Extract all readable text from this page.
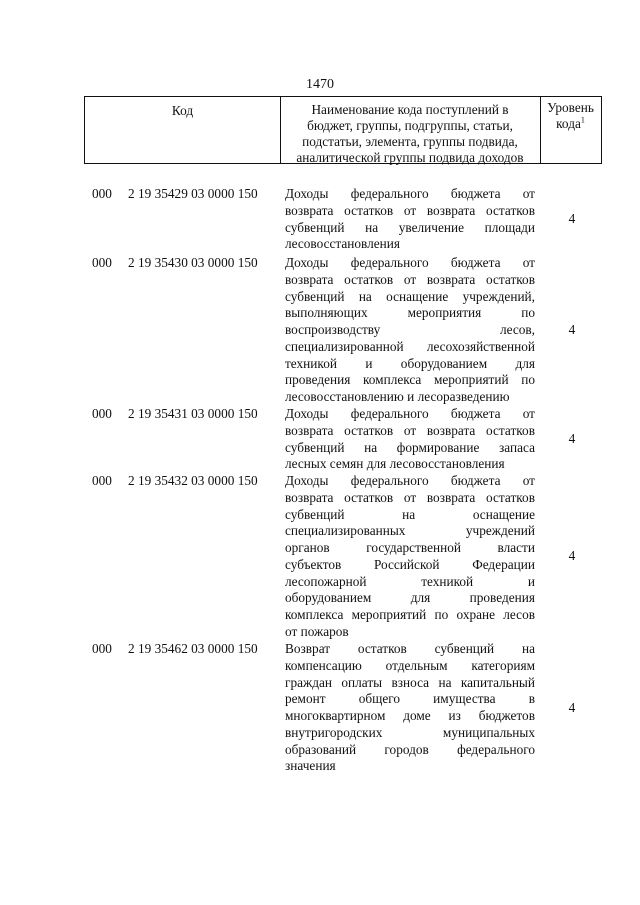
1470
Код	Наименование кода поступлений в
бюджет, группы, подгруппы, статьи,
подстатьи, элемента, группы подвида,
аналитической группы подвида доходов
Уровень
кода$^1$
000 2 19 35429 03 0000 150 Доходы федерального бюджета от
возврата остатков от возврата остатков
субвенций на увеличение площади
лесовосстановления
4
000 2 19 35430 03 0000 150 Доходы федерального бюджета от
возврата остатков от возврата остатков
субвенций на оснащение учреждений,
выполняющих мероприятия по
воспроизводству лесов,
специализированной лесохозяйственной
техникой и оборудованием для
проведения комплекса мероприятий по
лесовосстановлению и лесоразведению
4
000 2 19 35431 03 0000 150 Доходы федерального бюджета от
возврата остатков от возврата остатков
субвенций на формирование запаса
лесных семян для лесовосстановления
4
000 2 19 35432 03 0000 150 Доходы федерального бюджета от
возврата остатков от возврата остатков
субвенций на оснащение
специализированных учреждений
органов государственной власти
субъектов Российской Федерации
лесопожарной техникой и
оборудованием для проведения
комплекса мероприятий по охране лесов
от пожаров
4
000 2 19 35462 03 0000 150 Возврат остатков субвенций на
компенсацию отдельным категориям
граждан оплаты взноса на капитальный
ремонт общего имущества в
многоквартирном доме из бюджетов
внутригородских муниципальных
образований городов федерального
значения
4
